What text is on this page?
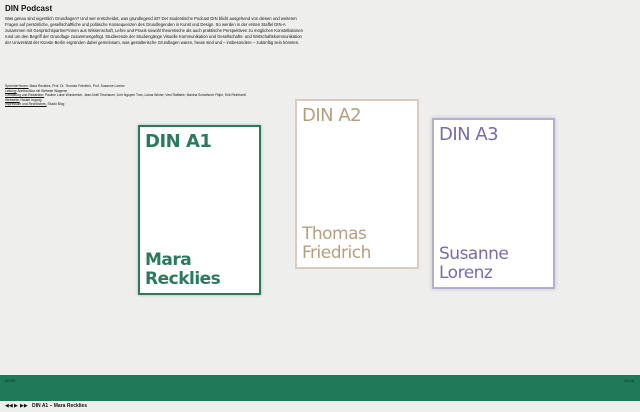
DIN Podcast
Was genau sind eigentlich Grundlagen? Und wer entscheidet, was grundlegend ist? Der studentische Podcast DIN blickt ausgehend von diesen und weiteren Fragen auf persönliche, gesellschaftliche und politische Konsequenzen des Grundlegenden in Kunst und Design. So werden in der ersten Staffel DIN-A zusammen mit Gesprächspartner*innen aus Wissenschaft, Lehre und Praxis sowohl theoretische als auch praktische Perspektiven zu möglichen Konstellationen rund um den Begriff der Grundlage zusammengefügt. Studierende der Studiengänge Visuelle Kommunikation und Gesellschafts- und Wirtschaftskommunikation der Universität der Künste Berlin ergründen dabei gemeinsam, was gestalterische Grundlagen waren, heute sind und – insbesondere – zukünftig sein könnten.
Sprecher*innen: Mara Recklies, Prof. Dr. Thomas Friedrich, Prof. Susanne Lorenz
Leitung: Annika Alba mit Stefanie Wagener
Gestaltung und Redaktion: Pauline Luise Wunderlich, Jean-Noël Teschauer, Linh Nguyen Tran, Lukas Winter, Vesi Raffaele, Maxina Schwitzner Filipe, Erik Reinhardt
Webseite: Hauke Irrgang
Impressum und Rechtliches, Studio Blog
DIN A1
Mara
Recklies
DIN A2
Thomas
Friedrich
DIN A3
Susanne
Lorenz
00:00	44:45
◀◀ ▶ ▶▶ DIN A1 – Mara Recklies
